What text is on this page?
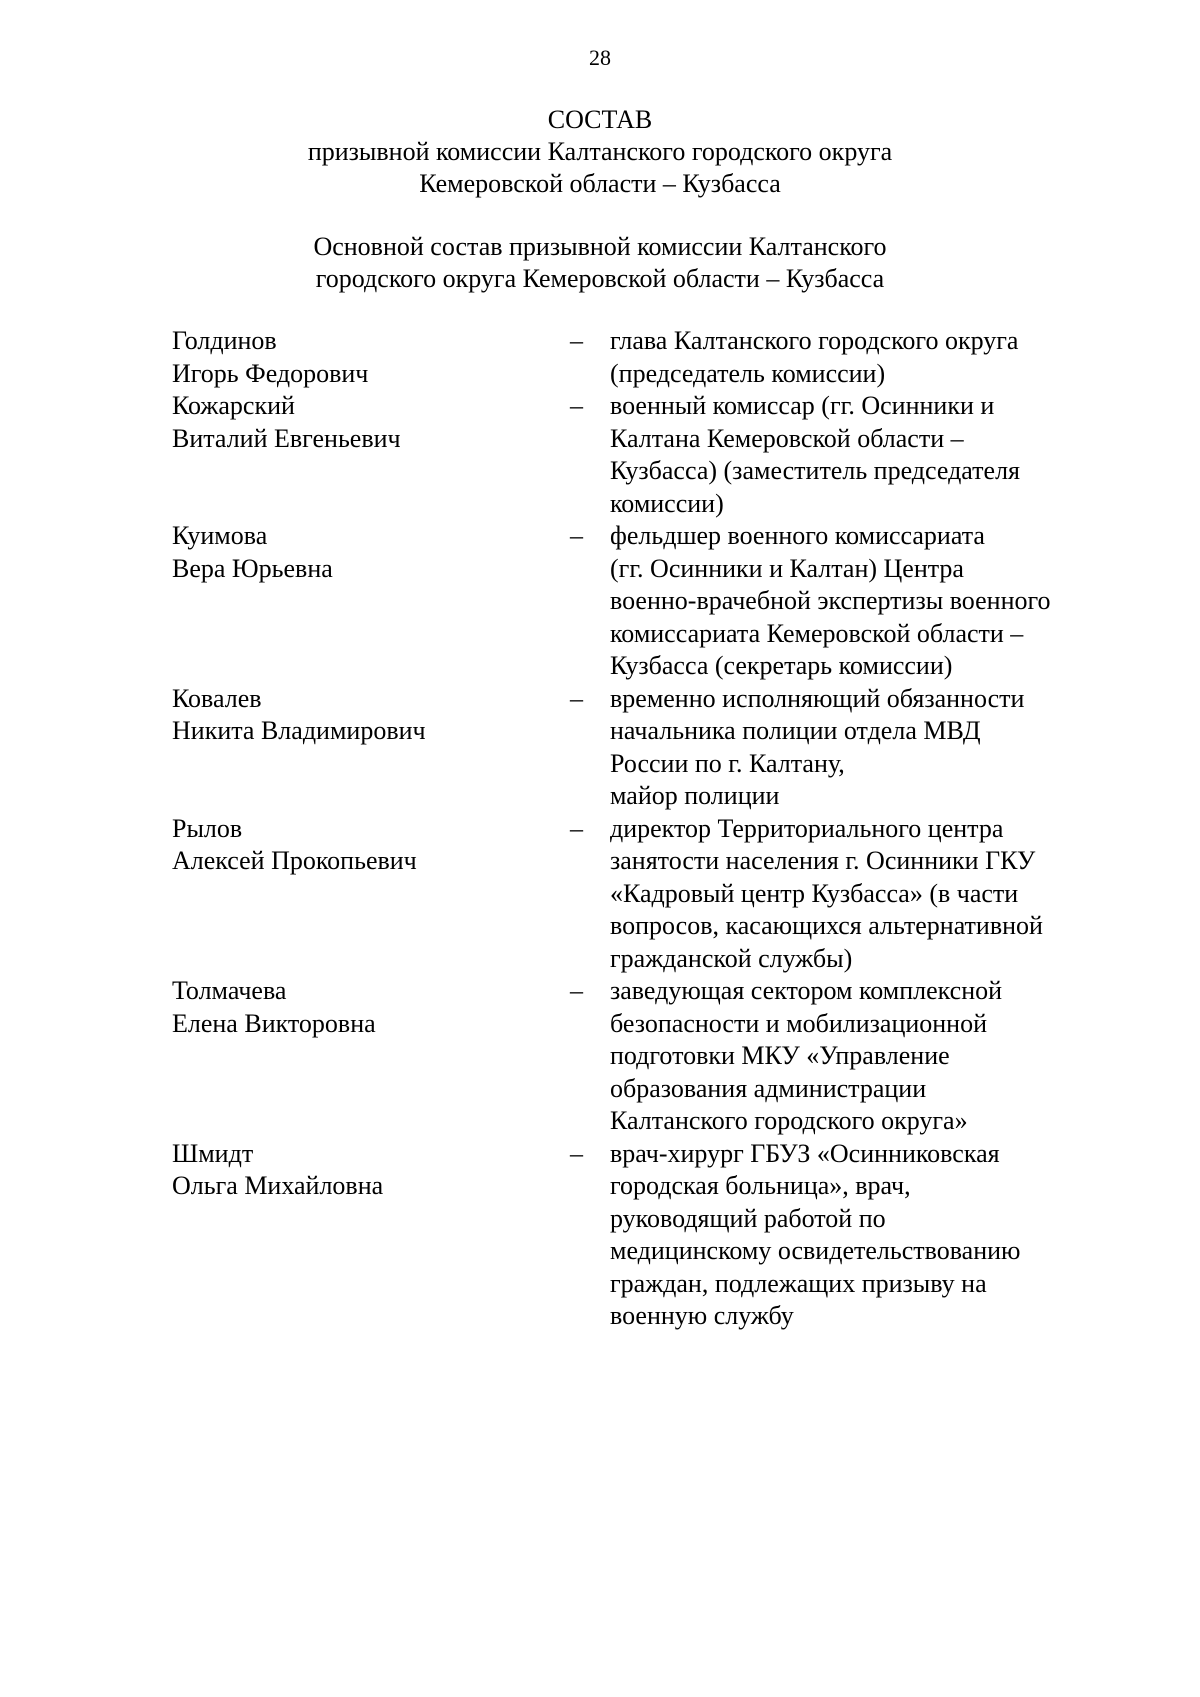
28
СОСТАВ
призывной комиссии Калтанского городского округа
Кемеровской области – Кузбасса
Основной состав призывной комиссии Калтанского
городского округа Кемеровской области – Кузбасса
Голдинов
Игорь Федорович
–	глава Калтанского городского округа
(председатель комиссии)
Кожарский
Виталий Евгеньевич
–	военный комиссар (гг. Осинники и
Калтана Кемеровской области –
Кузбасса) (заместитель председателя
комиссии)
Куимова
Вера Юрьевна
–	фельдшер военного комиссариата
(гг. Осинники и Калтан) Центра
военно-врачебной экспертизы военного
комиссариата Кемеровской области –
Кузбасса (секретарь комиссии)
Ковалев
Никита Владимирович
–	временно исполняющий обязанности
начальника полиции отдела МВД
России по г. Калтану,
майор полиции
Рылов
Алексей Прокопьевич
–	директор Территориального центра
занятости населения г. Осинники ГКУ
«Кадровый центр Кузбасса» (в части
вопросов, касающихся альтернативной
гражданской службы)
Толмачева
Елена Викторовна
–	заведующая сектором комплексной
безопасности и мобилизационной
подготовки МКУ «Управление
образования администрации
Калтанского городского округа»
Шмидт
Ольга Михайловна
–	врач-хирург ГБУЗ «Осинниковская
городская больница», врач,
руководящий работой по
медицинскому освидетельствованию
граждан, подлежащих призыву на
военную службу
